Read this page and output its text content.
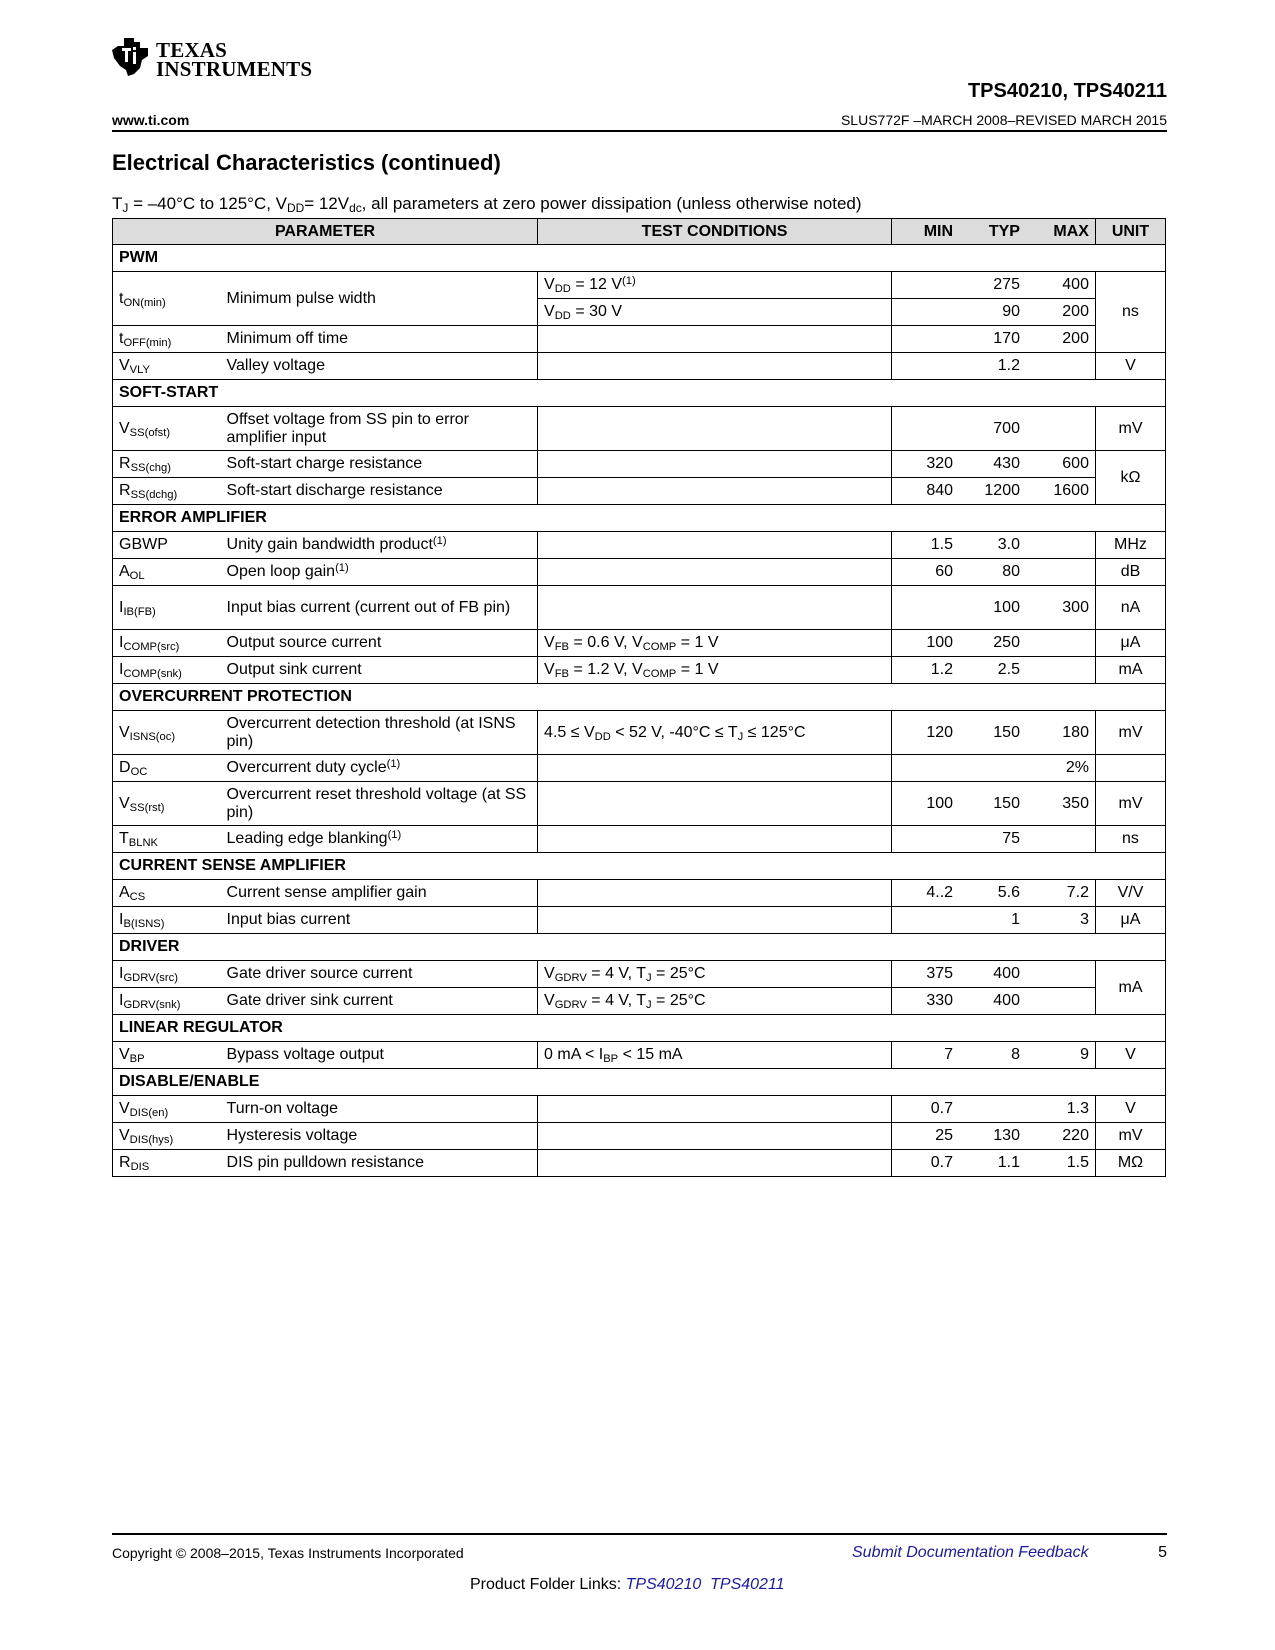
TEXAS
INSTRUMENTS
TPS40210, TPS40211
www.ti.com	SLUS772F –MARCH 2008–REVISED MARCH 2015
Electrical Characteristics (continued)
$T_J = -40^\circ C$ to 125°C, $V_{DD}= 12V_{dc}$, all parameters at zero power dissipation (unless otherwise noted)
PARAMETER		TEST CONDITIONS	MIN	TYP	MAX	UNIT
PWM						
$t_{ON(min)}$	Minimum pulse width	$V_{DD} = 12$ $V^{(1)}$		275	400	ns
		$V_{DD} = 30$ V		90	200	
$t_{OFF(min)}$	Minimum off time			170	200	
$V_{VLY}$	Valley voltage			1.2		V
SOFT-START						
$V_{SS(ofst)}$	Offset voltage from SS pin to error amplifier input			700		mV
$R_{SS(chg)}$	Soft-start charge resistance		320	430	600	kΩ
$R_{SS(dchg)}$	Soft-start discharge resistance		840	1200	1600	
ERROR AMPLIFIER						
GBWP	Unity gain bandwidth product$^{(1)}$		1.5	3.0		MHz
$A_{OL}$	Open loop gain$^{(1)}$		60	80		dB
$I_{IB(FB)}$	Input bias current (current out of FB pin)			100	300	nA
$I_{COMP(src)}$	Output source current	$V_{FB} = 0.6$ V, $V_{COMP} = 1$ V	100	250		μA
$I_{COMP(snk)}$	Output sink current	$V_{FB} = 1.2$ V, $V_{COMP} = 1$ V	1.2	2.5		mA
OVERCURRENT PROTECTION						
$V_{ISNS(oc)}$	Overcurrent detection threshold (at ISNS pin)	$4.5 \le V_{DD} < 52$ V, $-40^\circ C \le T_J \le 125^\circ C$	120	150	180	mV
$D_{OC}$	Overcurrent duty cycle$^{(1)}$				2%	
$V_{SS(rst)}$	Overcurrent reset threshold voltage (at SS pin)		100	150	350	mV
$T_{BLNK}$	Leading edge blanking$^{(1)}$			75		ns
CURRENT SENSE AMPLIFIER						
$A_{CS}$	Current sense amplifier gain		4..2	5.6	7.2	V/V
$I_{B(ISNS)}$	Input bias current			1	3	μA
DRIVER						
$I_{GDRV(src)}$	Gate driver source current	$V_{GDRV} = 4$ V, $T_J = 25^\circ C$	375	400		mA
$I_{GDRV(snk)}$	Gate driver sink current	$V_{GDRV} = 4$ V, $T_J = 25^\circ C$	330	400		
LINEAR REGULATOR						
$V_{BP}$	Bypass voltage output	0 mA < $I_{BP} < 15$ mA	7	8	9	V
DISABLE/ENABLE						
$V_{DIS(en)}$	Turn-on voltage		0.7		1.3	V
$V_{DIS(hys)}$	Hysteresis voltage		25	130	220	mV
$R_{DIS}$	DIS pin pulldown resistance		0.7	1.1	1.5	MΩ
Copyright © 2008–2015, Texas Instruments Incorporated	Submit Documentation Feedback	5
Product Folder Links: TPS40210 TPS40211
